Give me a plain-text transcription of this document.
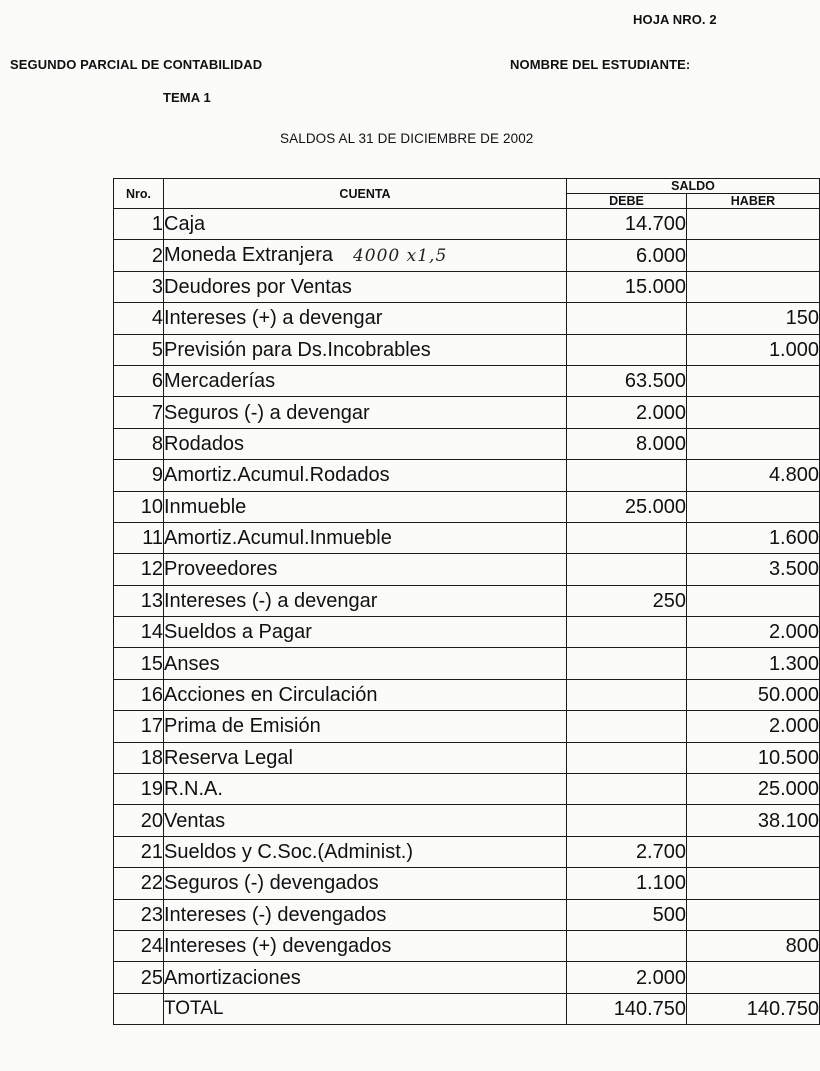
HOJA NRO. 2
SEGUNDO PARCIAL DE CONTABILIDAD	NOMBRE DEL ESTUDIANTE:
TEMA 1
SALDOS AL 31 DE DICIEMBRE DE 2002
Nro.	CUENTA	SALDO	
		DEBE	HABER
1	Caja	14.700	
2	Moneda Extranjera 4000 x1,5	6.000	
3	Deudores por Ventas	15.000	
4	Intereses (+) a devengar		150
5	Previsión para Ds.Incobrables		1.000
6	Mercaderías	63.500	
7	Seguros (-) a devengar	2.000	
8	Rodados	8.000	
9	Amortiz.Acumul.Rodados		4.800
10	Inmueble	25.000	
11	Amortiz.Acumul.Inmueble		1.600
12	Proveedores		3.500
13	Intereses (-) a devengar	250	
14	Sueldos a Pagar		2.000
15	Anses		1.300
16	Acciones en Circulación		50.000
17	Prima de Emisión		2.000
18	Reserva Legal		10.500
19	R.N.A.		25.000
20	Ventas		38.100
21	Sueldos y C.Soc.(Administ.)	2.700	
22	Seguros (-) devengados	1.100	
23	Intereses (-) devengados	500	
24	Intereses (+) devengados		800
25	Amortizaciones	2.000	
	TOTAL	140.750	140.750
